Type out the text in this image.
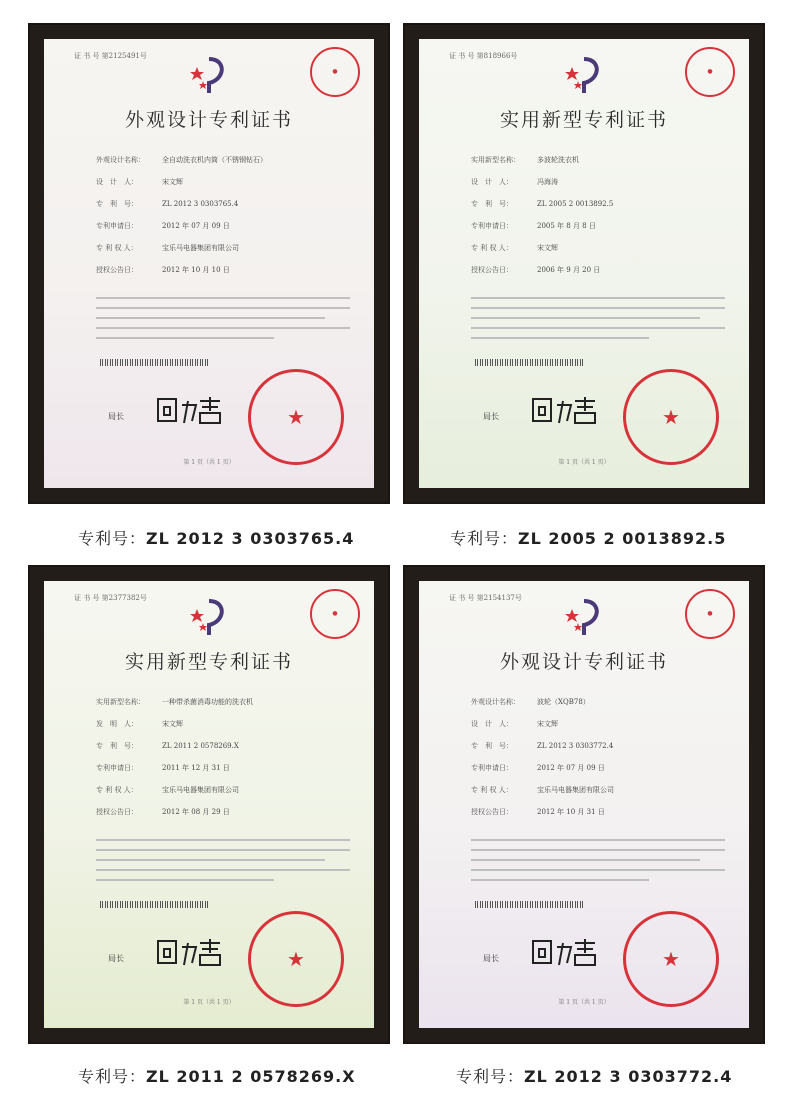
证 书 号 第2125491号
●
外观设计专利证书
外观设计名称：	全自动洗衣机内筒（不锈钢钻石）
设　计　人：	宋文辉
专　利　号：	ZL 2012 3 0303765.4
专利申请日：	2012 年 07 月 09 日
专 利 权 人：	宝乐马电器集团有限公司
授权公告日：	2012 年 10 月 10 日
局长	★
第 1 页（共 1 页）
专利号：ZL 2012 3 0303765.4
证 书 号 第818966号
●
实用新型专利证书
实用新型名称：	多波轮洗衣机
设　计　人：	冯海涛
专　利　号：	ZL 2005 2 0013892.5
专利申请日：	2005 年 8 月 8 日
专 利 权 人：	宋文辉
授权公告日：	2006 年 9 月 20 日
局长	★
第 1 页（共 1 页）
专利号：ZL 2005 2 0013892.5
证 书 号 第2377382号
●
实用新型专利证书
实用新型名称：	一种带杀菌消毒功能的洗衣机
发　明　人：	宋文辉
专　利　号：	ZL 2011 2 0578269.X
专利申请日：	2011 年 12 月 31 日
专 利 权 人：	宝乐马电器集团有限公司
授权公告日：	2012 年 08 月 29 日
局长	★
第 1 页（共 1 页）
专利号：ZL 2011 2 0578269.X
证 书 号 第2154137号
●
外观设计专利证书
外观设计名称：	波轮（XQB78）
设　计　人：	宋文辉
专　利　号：	ZL 2012 3 0303772.4
专利申请日：	2012 年 07 月 09 日
专 利 权 人：	宝乐马电器集团有限公司
授权公告日：	2012 年 10 月 31 日
局长	★
第 1 页（共 1 页）
专利号：ZL 2012 3 0303772.4
